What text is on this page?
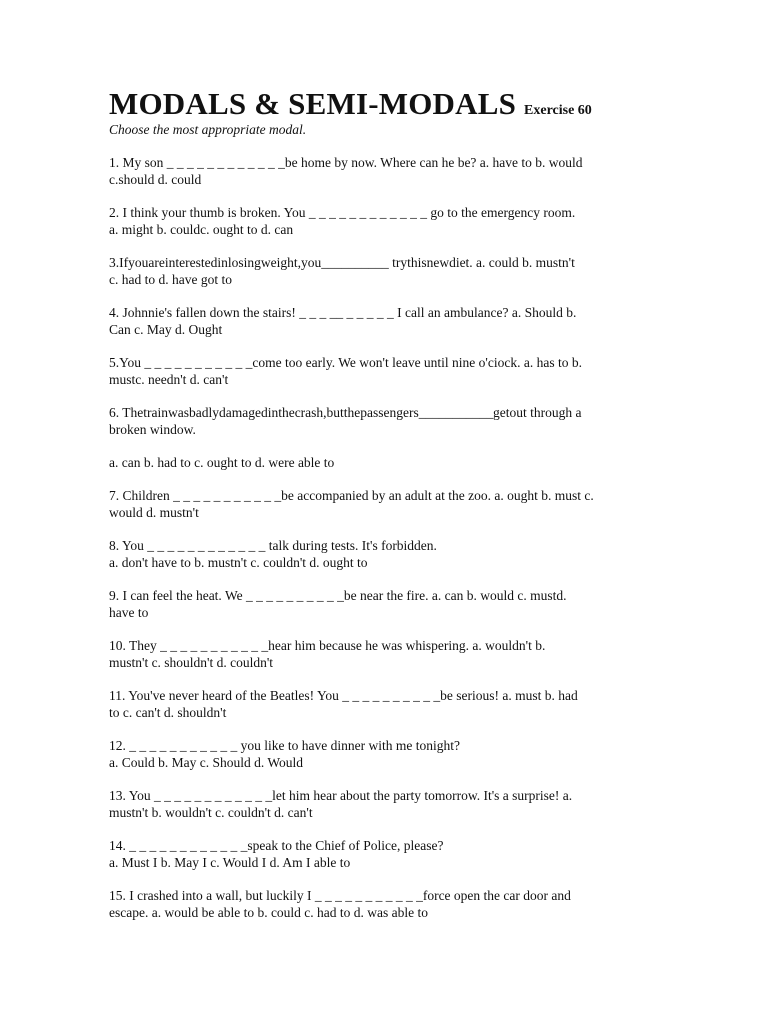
MODALS & SEMI-MODALS Exercise 60
Choose the most appropriate modal.
1. My son _ _ _ _ _ _ _ _ _ _ _ _be home by now. Where can he be? a. have to b. would
c.should d. could
2. I think your thumb is broken. You _ _ _ _ _ _ _ _ _ _ _ _ go to the emergency room.
a. might b. couldc. ought to d. can
3.Ifyouareinterestedinlosingweight,you__________ trythisnewdiet. a. could b. mustn't
c. had to d. have got to
4. Johnnie's fallen down the stairs! _ _ _ __ _ _ _ _ _ I call an ambulance? a. Should b.
Can c. May d. Ought
5.You _ _ _ _ _ _ _ _ _ _ _come too early. We won't leave until nine o'ciock. a. has to b.
mustc. needn't d. can't
6. Thetrainwasbadlydamagedinthecrash,butthepassengers___________getout through a
broken window.
a. can b. had to c. ought to d. were able to
7. Children _ _ _ _ _ _ _ _ _ _ _be accompanied by an adult at the zoo. a. ought b. must c.
would d. mustn't
8. You _ _ _ _ _ _ _ _ _ _ _ _ talk during tests. It's forbidden.
a. don't have to b. mustn't c. couldn't d. ought to
9. I can feel the heat. We _ _ _ _ _ _ _ _ _ _be near the fire. a. can b. would c. mustd.
have to
10. They _ _ _ _ _ _ _ _ _ _ _hear him because he was whispering. a. wouldn't b.
mustn't c. shouldn't d. couldn't
11. You've never heard of the Beatles! You _ _ _ _ _ _ _ _ _ _be serious! a. must b. had
to c. can't d. shouldn't
12. _ _ _ _ _ _ _ _ _ _ _ you like to have dinner with me tonight?
a. Could b. May c. Should d. Would
13. You _ _ _ _ _ _ _ _ _ _ _ _let him hear about the party tomorrow. It's a surprise! a.
mustn't b. wouldn't c. couldn't d. can't
14. _ _ _ _ _ _ _ _ _ _ _ _speak to the Chief of Police, please?
a. Must I b. May I c. Would I d. Am I able to
15. I crashed into a wall, but luckily I _ _ _ _ _ _ _ _ _ _ _force open the car door and
escape. a. would be able to b. could c. had to d. was able to
